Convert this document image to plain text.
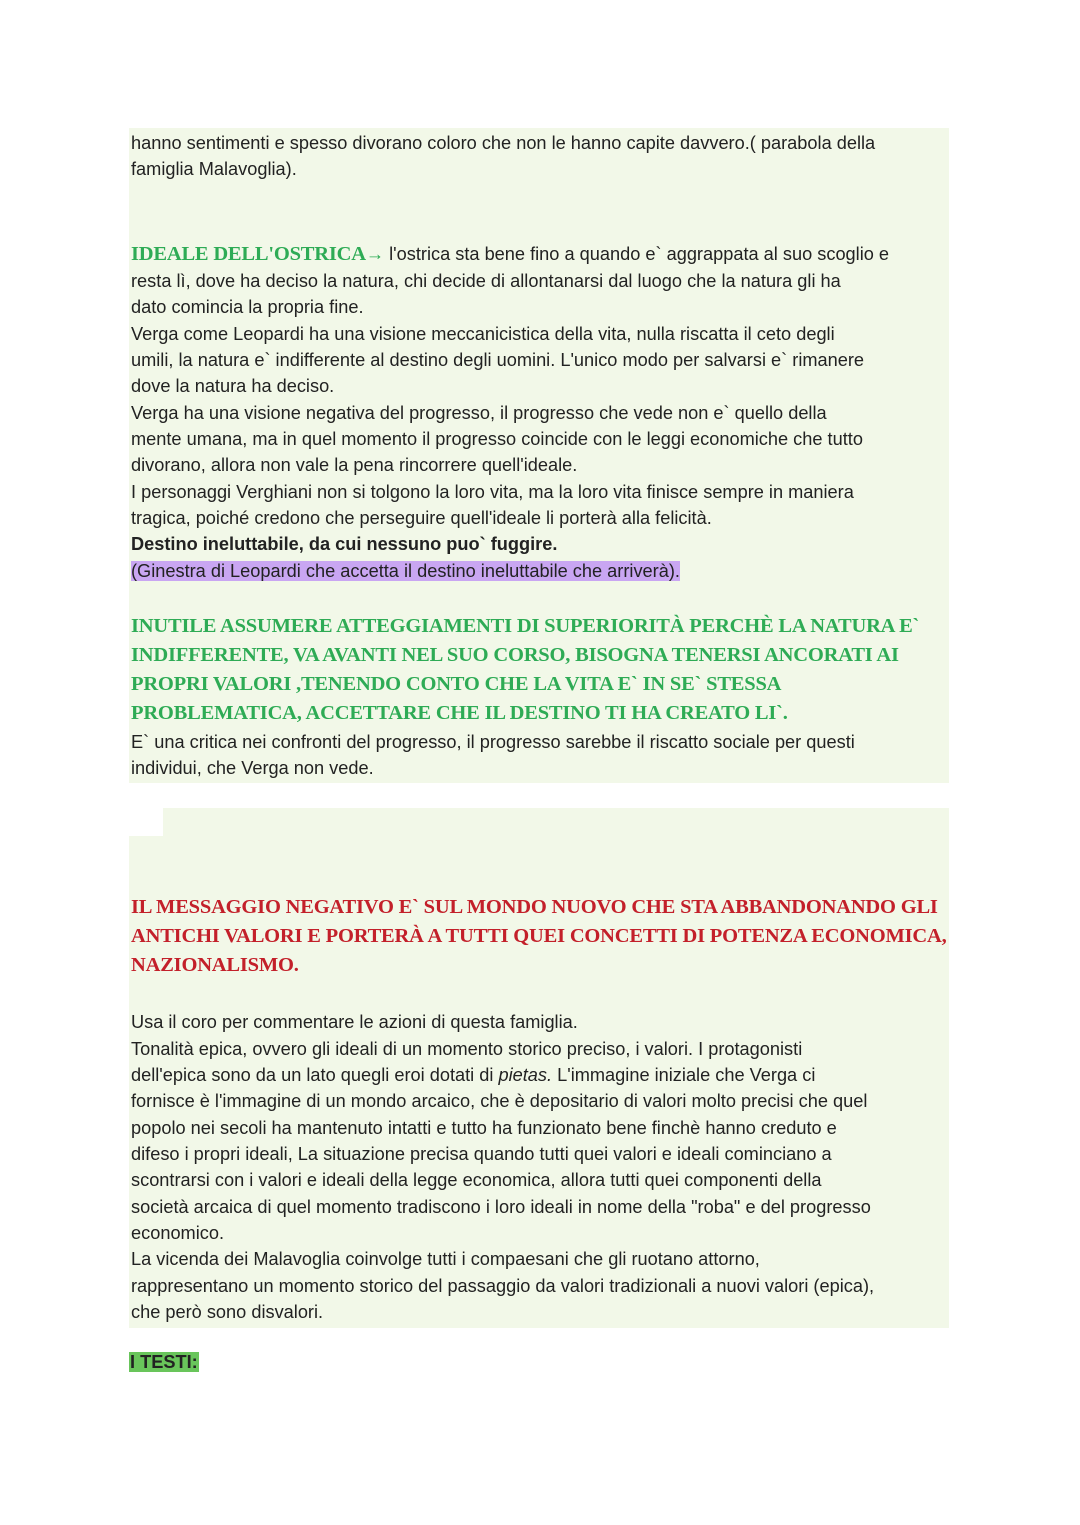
hanno sentimenti e spesso divorano coloro che non le hanno capite davvero.( parabola della

famiglia Malavoglia).

IDEALE DELL'OSTRICA→ l'ostrica sta bene fino a quando e` aggrappata al suo scoglio e

resta lì, dove ha deciso la natura, chi decide di allontanarsi dal luogo che la natura gli ha

dato comincia la propria fine.

Verga come Leopardi ha una visione meccanicistica della vita, nulla riscatta il ceto degli

umili, la natura e` indifferente al destino degli uomini. L'unico modo per salvarsi e` rimanere

dove la natura ha deciso.

Verga ha una visione negativa del progresso, il progresso che vede non e` quello della

mente umana, ma in quel momento il progresso coincide con le leggi economiche che tutto

divorano, allora non vale la pena rincorrere quell'ideale.

I personaggi Verghiani non si tolgono la loro vita, ma la loro vita finisce sempre in maniera

tragica, poiché credono che perseguire quell'ideale li porterà alla felicità.

Destino ineluttabile, da cui nessuno puo` fuggire.

(Ginestra di Leopardi che accetta il destino ineluttabile che arriverà).

INUTILE ASSUMERE ATTEGGIAMENTI DI SUPERIORITÀ PERCHÈ LA NATURA E`

INDIFFERENTE, VA AVANTI NEL SUO CORSO, BISOGNA TENERSI ANCORATI AI

PROPRI VALORI ,TENENDO CONTO CHE LA VITA E` IN SE` STESSA

PROBLEMATICA, ACCETTARE CHE IL DESTINO TI HA CREATO LI`.

E` una critica nei confronti del progresso, il progresso sarebbe il riscatto sociale per questi

individui, che Verga non vede.

IL MESSAGGIO NEGATIVO E` SUL MONDO NUOVO CHE STA ABBANDONANDO GLI

ANTICHI VALORI E PORTERÀ A TUTTI QUEI CONCETTI DI POTENZA ECONOMICA,

NAZIONALISMO.

Usa il coro per commentare le azioni di questa famiglia.

Tonalità epica, ovvero gli ideali di un momento storico preciso, i valori. I protagonisti

dell'epica sono da un lato quegli eroi dotati di pietas. L'immagine iniziale che Verga ci

fornisce è l'immagine di un mondo arcaico, che è depositario di valori molto precisi che quel

popolo nei secoli ha mantenuto intatti e tutto ha funzionato bene finchè hanno creduto e

difeso i propri ideali, La situazione precisa quando tutti quei valori e ideali cominciano a

scontrarsi con i valori e ideali della legge economica, allora tutti quei componenti della

società arcaica di quel momento tradiscono i loro ideali in nome della "roba" e del progresso

economico.

La vicenda dei Malavoglia coinvolge tutti i compaesani che gli ruotano attorno,

rappresentano un momento storico del passaggio da valori tradizionali a nuovi valori (epica),

che però sono disvalori.

I TESTI:
